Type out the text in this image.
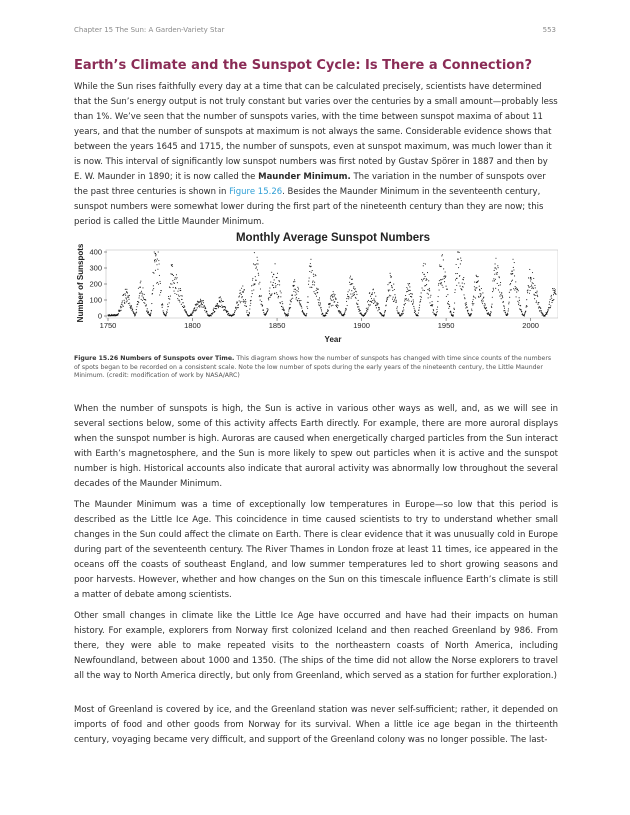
Chapter 15 The Sun: A Garden-Variety Star	553
Earth’s Climate and the Sunspot Cycle: Is There a Connection?

While the Sun rises faithfully every day at a time that can be calculated precisely, scientists have determined that the Sun’s energy output is not truly constant but varies over the centuries by a small amount—probably less than 1%. We’ve seen that the number of sunspots varies, with the time between sunspot maxima of about 11 years, and that the number of sunspots at maximum is not always the same. Considerable evidence shows that between the years 1645 and 1715, the number of sunspots, even at sunspot maximum, was much lower than it is now. This interval of significantly low sunspot numbers was first noted by Gustav Spörer in 1887 and then by E. W. Maunder in 1890; it is now called the Maunder Minimum. The variation in the number of sunspots over the past three centuries is shown in Figure 15.26. Besides the Maunder Minimum in the seventeenth century, sunspot numbers were somewhat lower during the first part of the nineteenth century than they are now; this period is called the Little Maunder Minimum.

Monthly Average Sunspot Numbers
Number of Sunspots
Year
0
100
200
300
400
1750	1800	1850	1900	1950	2000

Figure 15.26 Numbers of Sunspots over Time. This diagram shows how the number of sunspots has changed with time since counts of the numbers of spots began to be recorded on a consistent scale. Note the low number of spots during the early years of the nineteenth century, the Little Maunder Minimum. (credit: modification of work by NASA/ARC)

When the number of sunspots is high, the Sun is active in various other ways as well, and, as we will see in several sections below, some of this activity affects Earth directly. For example, there are more auroral displays when the sunspot number is high. Auroras are caused when energetically charged particles from the Sun interact with Earth’s magnetosphere, and the Sun is more likely to spew out particles when it is active and the sunspot number is high. Historical accounts also indicate that auroral activity was abnormally low throughout the several decades of the Maunder Minimum.

The Maunder Minimum was a time of exceptionally low temperatures in Europe—so low that this period is described as the Little Ice Age. This coincidence in time caused scientists to try to understand whether small changes in the Sun could affect the climate on Earth. There is clear evidence that it was unusually cold in Europe during part of the seventeenth century. The River Thames in London froze at least 11 times, ice appeared in the oceans off the coasts of southeast England, and low summer temperatures led to short growing seasons and poor harvests. However, whether and how changes on the Sun on this timescale influence Earth’s climate is still a matter of debate among scientists.

Other small changes in climate like the Little Ice Age have occurred and have had their impacts on human history. For example, explorers from Norway first colonized Iceland and then reached Greenland by 986. From there, they were able to make repeated visits to the northeastern coasts of North America, including Newfoundland, between about 1000 and 1350. (The ships of the time did not allow the Norse explorers to travel all the way to North America directly, but only from Greenland, which served as a station for further exploration.)

Most of Greenland is covered by ice, and the Greenland station was never self-sufficient; rather, it depended on imports of food and other goods from Norway for its survival. When a little ice age began in the thirteenth century, voyaging became very difficult, and support of the Greenland colony was no longer possible. The last-
